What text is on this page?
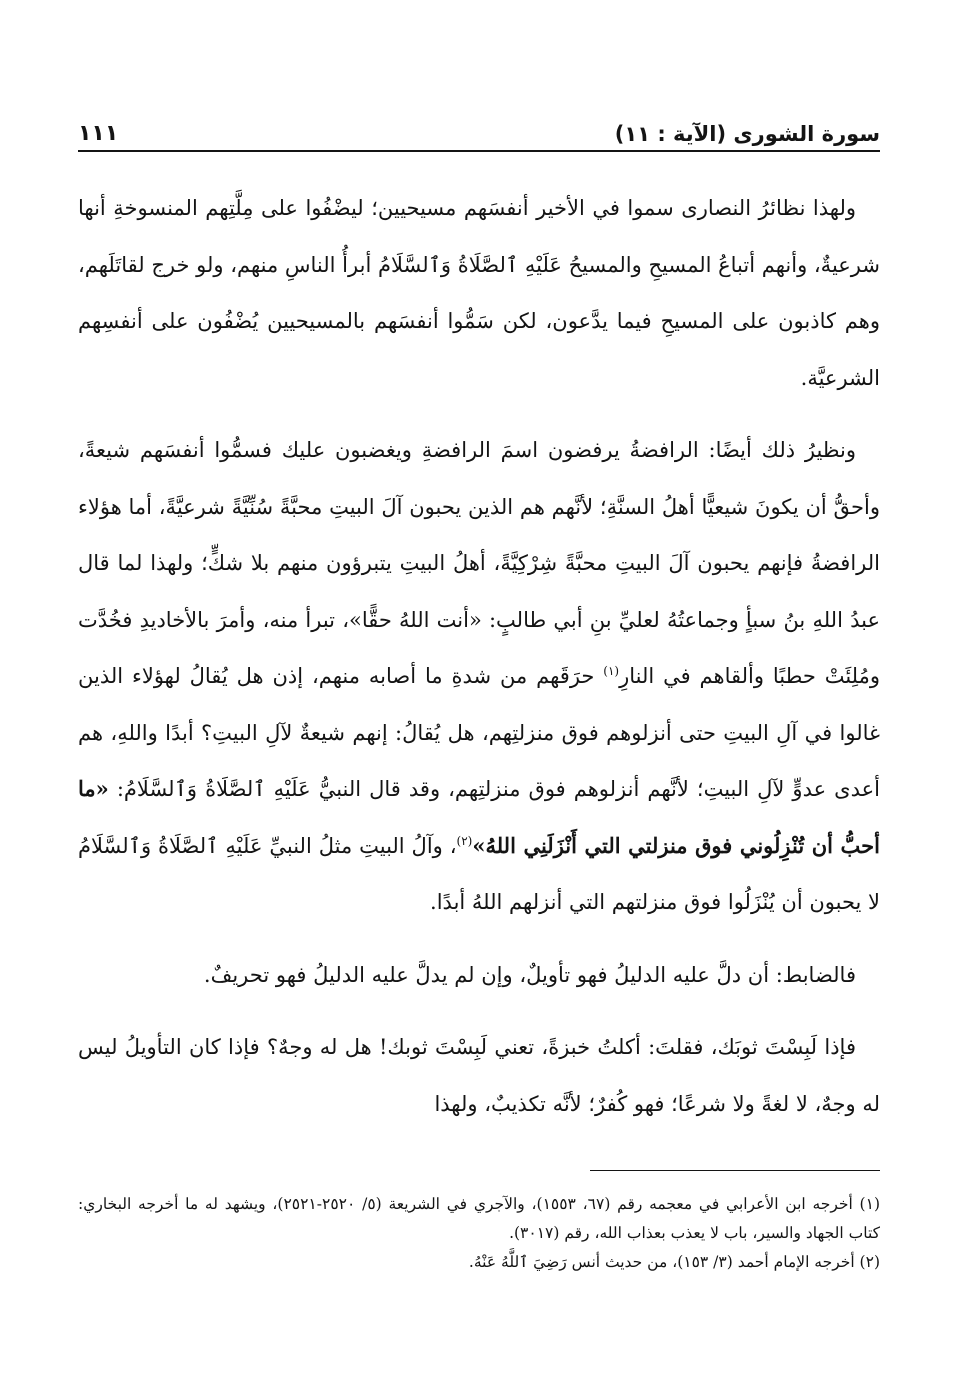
سورة الشورى (الآية : ١١)
١١١

ولهذا نظائرُ النصارى سموا في الأخير أنفسَهم مسيحيين؛ ليضْفُوا على مِلَّتِهم المنسوخةِ أنها شرعيةٌ، وأنهم أتباعُ المسيحِ والمسيحُ عَلَيْهِ ٱلصَّلَاةُ وَٱلسَّلَامُ أبرأُ الناسِ منهم، ولو خرج لقاتَلَهم، وهم كاذبون على المسيحِ فيما يدَّعون، لكن سَمُّوا أنفسَهم بالمسيحيين يُضْفُون على أنفسِهم الشرعيَّة.

ونظيرُ ذلك أيضًا: الرافضةُ يرفضون اسمَ الرافضةِ ويغضبون عليك فسمُّوا أنفسَهم شيعةً، وأحقُّ أن يكونَ شيعيًّا أهلُ السنَّةِ؛ لأنَّهم هم الذين يحبون آلَ البيتِ محبَّةً سُنِّيَّةً شرعيَّةً، أما هؤلاء الرافضةُ فإنهم يحبون آلَ البيتِ محبَّةً شِرْكِيَّةً، أهلُ البيتِ يتبرؤون منهم بلا شكٍّ؛ ولهذا لما قال عبدُ اللهِ بنُ سبأٍ وجماعتُهُ لعليِّ بنِ أبي طالبٍ: «أنت اللهُ حقًّا»، تبرأ منه، وأمرَ بالأخاديدِ فخُدَّت ومُلِئَتْ حطبًا وألقاهم في النارِ$^{(١)}$ حرَقَهم من شدةِ ما أصابه منهم، إذن هل يُقالُ لهؤلاء الذين غالوا في آلِ البيتِ حتى أنزلوهم فوق منزلتِهم، هل يُقالُ: إنهم شيعةٌ لآلِ البيتِ؟ أبدًا واللهِ، هم أعدى عدوٍّ لآلِ البيتِ؛ لأنَّهم أنزلوهم فوق منزلتِهم، وقد قال النبيُّ عَلَيْهِ ٱلصَّلَاةُ وَٱلسَّلَامُ: «ما أحبُّ أن تُنْزِلُوني فوق منزلتي التي أَنْزَلَنِي اللهُ»$^{(٢)}$، وآلُ البيتِ مثلُ النبيِّ عَلَيْهِ ٱلصَّلَاةُ وَٱلسَّلَامُ لا يحبون أن يُنْزَلُوا فوق منزلتهم التي أنزلهم اللهُ أبدًا.

فالضابط: أن دلَّ عليه الدليلُ فهو تأويلٌ، وإن لم يدلَّ عليه الدليلُ فهو تحريفٌ.

فإذا لَبِسْتَ ثوبَك، فقلتَ: أكلتُ خبزةً، تعني لَبِسْتَ ثوبك! هل له وجهٌ؟ فإذا كان التأويلُ ليس له وجهٌ، لا لغةً ولا شرعًا؛ فهو كُفرٌ؛ لأنَّه تكذيبٌ، ولهذا

(١) أخرجه ابن الأعرابي في معجمه رقم (٦٧، ١٥٥٣)، والآجري في الشريعة (٥/ ٢٥٢٠-٢٥٢١)، ويشهد له ما أخرجه البخاري: كتاب الجهاد والسير، باب لا يعذب بعذاب الله، رقم (٣٠١٧).

(٢) أخرجه الإمام أحمد (٣/ ١٥٣)، من حديث أنس رَضِيَ ٱللَّهُ عَنْهُ.
